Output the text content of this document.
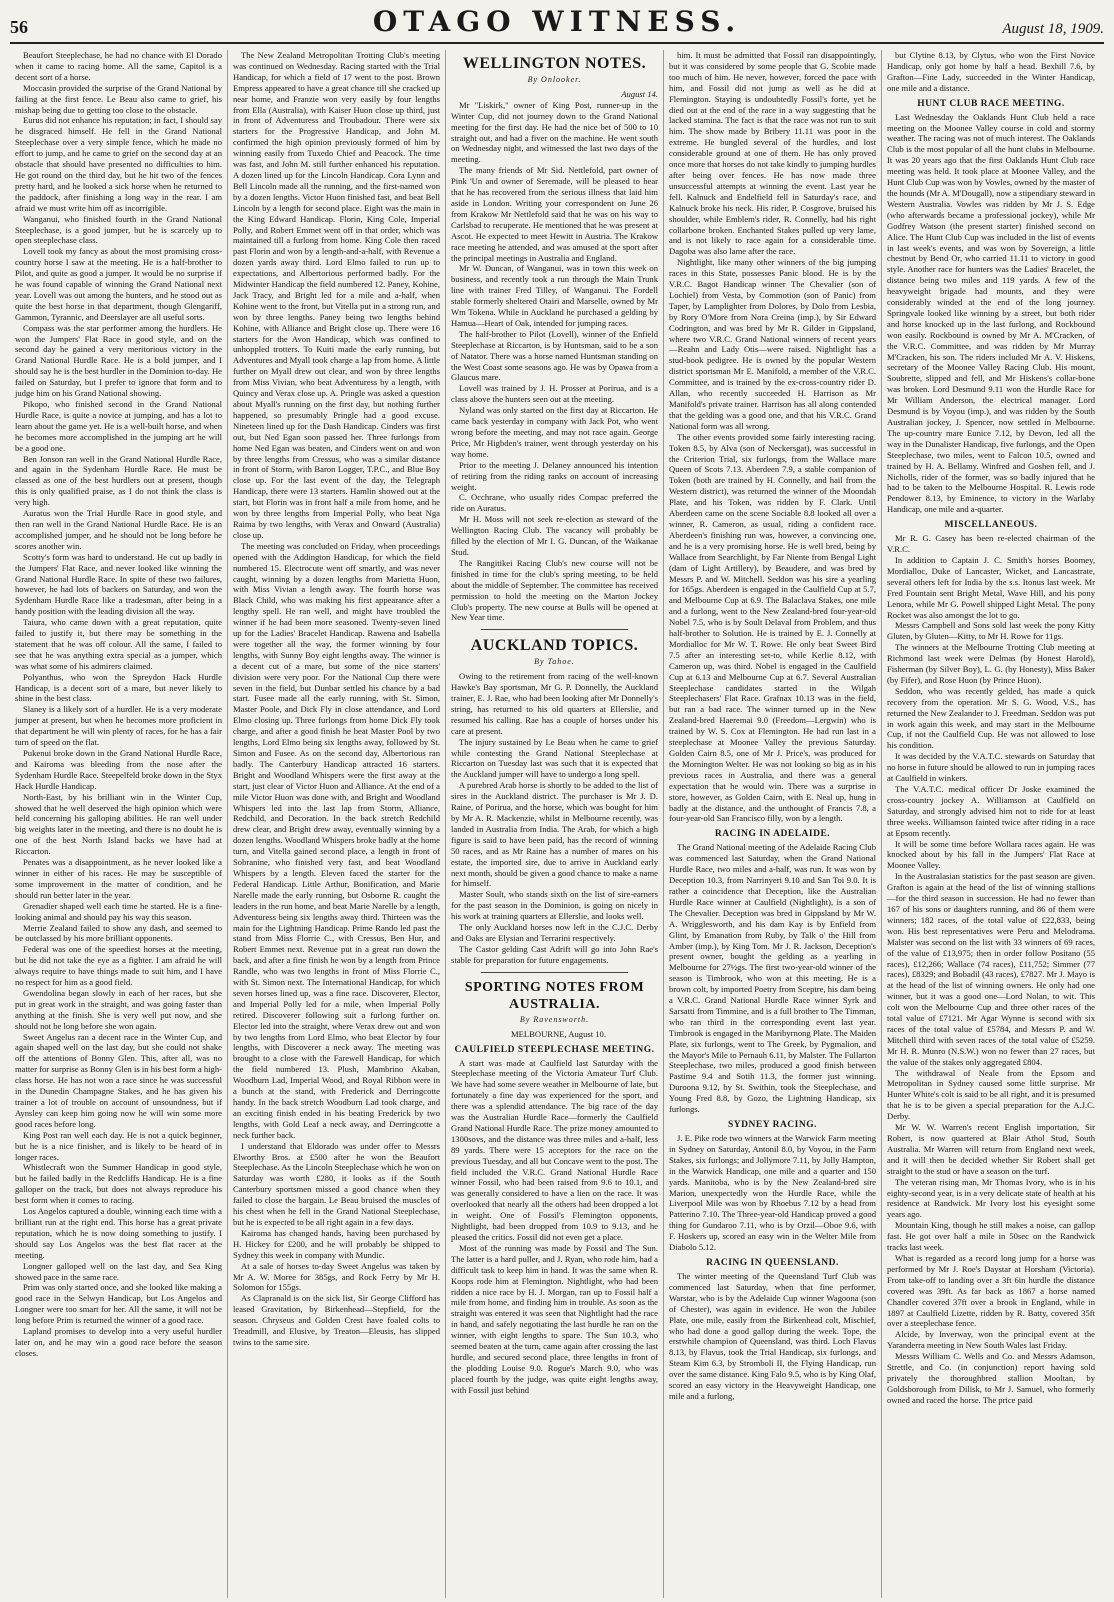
56	OTAGO WITNESS.	August 18, 1909.

Beaufort Steeplechase, he had no chance with El Dorado when it came to racing home. All the same, Capitol is a decent sort of a horse.

Moccasin provided the surprise of the Grand National by failing at the first fence. Le Beau also came to grief, his mishap being due to getting too close to the obstacle.

Eurus did not enhance his reputation; in fact, I should say he disgraced himself. He fell in the Grand National Steeplechase over a very simple fence, which he made no effort to jump, and he came to grief on the second day at an obstacle that should have presented no difficulties to him. He got round on the third day, but he hit two of the fences pretty hard, and he looked a sick horse when he returned to the paddock, after finishing a long way in the rear. I am afraid we must write him off as incorrigible.

Wanganui, who finished fourth in the Grand National Steeplechase, is a good jumper, but he is scarcely up to open steeplechase class.

Lovell took my fancy as about the most promising cross-country horse I saw at the meeting. He is a half-brother to Pilot, and quite as good a jumper. It would be no surprise if he was found capable of winning the Grand National next year. Lovell was out among the hunters, and he stood out as quite the best horse in that department, though Glengariff, Gammon, Tyrannic, and Deerslayer are all useful sorts.

Compass was the star performer among the hurdlers. He won the Jumpers' Flat Race in good style, and on the second day he gained a very meritorious victory in the Grand National Hurdle Race. He is a bold jumper, and I should say he is the best hurdler in the Dominion to-day. He failed on Saturday, but I prefer to ignore that form and to judge him on his Grand National showing.

Pikopo, who finished second in the Grand National Hurdle Race, is quite a novice at jumping, and has a lot to learn about the game yet. He is a well-built horse, and when he becomes more accomplished in the jumping art he will be a good one.

Ben Jonson ran well in the Grand National Hurdle Race, and again in the Sydenham Hurdle Race. He must be classed as one of the best hurdlers out at present, though this is only qualified praise, as I do not think the class is very high.

Auratus won the Trial Hurdle Race in good style, and then ran well in the Grand National Hurdle Race. He is an accomplished jumper, and he should not be long before he scores another win.

Scotty's form was hard to understand. He cut up badly in the Jumpers' Flat Race, and never looked like winning the Grand National Hurdle Race. In spite of these two failures, however, he had lots of backers on Saturday, and won the Sydenham Hurdle Race like a tradesman, after being in a handy position with the leading division all the way.

Taiura, who came down with a great reputation, quite failed to justify it, but there may be something in the statement that he was off colour. All the same, I failed to see that he was anything extra special as a jumper, which was what some of his admirers claimed.

Polyanthus, who won the Spreydon Hack Hurdle Handicap, is a decent sort of a mare, but never likely to shine in the best class.

Slaney is a likely sort of a hurdler. He is a very moderate jumper at present, but when he becomes more proficient in that department he will win plenty of races, for he has a fair turn of speed on the flat.

Pukenui broke down in the Grand National Hurdle Race, and Kairoma was bleeding from the nose after the Sydenham Hurdle Race. Steepelfeld broke down in the Styx Hack Hurdle Handicap.

North-East, by his brilliant win in the Winter Cup, showed that he well deserved the high opinion which were held concerning his galloping abilities. He ran well under big weights later in the meeting, and there is no doubt he is one of the best North Island backs we have had at Riccarton.

Penates was a disappointment, as he never looked like a winner in either of his races. He may be susceptible of some improvement in the matter of condition, and he should run better later in the year.

Grenadier shaped well each time he started. He is a fine-looking animal and should pay his way this season.

Merrie Zealand failed to show any dash, and seemed to be outclassed by his more brilliant opponents.

Federal was one of the speediest horses at the meeting, but he did not take the eye as a fighter. I am afraid he will always require to have things made to suit him, and I have no respect for him as a good field.

Gwendolina began slowly in each of her races, but she put in great work in the straight, and was going faster than anything at the finish. She is very well put now, and she should not be long before she won again.

Sweet Angelus ran a decent race in the Winter Cup, and again shaped well on the last day, but she could not shake off the attentions of Bonny Glen. This, after all, was no matter for surprise as Bonny Glen is in his best form a high-class horse. He has not won a race since he was successful in the Dunedin Champagne Stakes, and he has given his trainer a lot of trouble on account of unsoundness, but if Aynsley can keep him going now he will win some more good races before long.

King Post ran well each day. He is not a quick beginner, but he is a nice finisher, and is likely to be heard of in longer races.

Whistlecraft won the Summer Handicap in good style, but he failed badly in the Redcliffs Handicap. He is a fine galloper on the track, but does not always reproduce his best form when it comes to racing.

Los Angelos captured a double, winning each time with a brilliant run at the right end. This horse has a great private reputation, which he is now doing something to justify. I should say Los Angelos was the best flat racer at the meeting.

Longner galloped well on the last day, and Sea King showed pace in the same race.

Prim was only started once, and she looked like making a good race in the Selwyn Handicap, but Los Angelos and Longner were too smart for her. All the same, it will not be long before Prim is returned the winner of a good race.

Lapland promises to develop into a very useful hurdler later on, and he may win a good race before the season closes.

The New Zealand Metropolitan Trotting Club's meeting was continued on Wednesday. Racing started with the Trial Handicap, for which a field of 17 went to the post. Brown Empress appeared to have a great chance till she cracked up near home, and Franzie won very easily by four lengths from Ella (Australia), with Kaiser Huon close up third, just in front of Adventuress and Troubadour. There were six starters for the Progressive Handicap, and John M. confirmed the high opinion previously formed of him by winning easily from Tuxedo Chief and Peacock. The time was fast, and John M. still further enhanced his reputation. A dozen lined up for the Lincoln Handicap. Cora Lynn and Bell Lincoln made all the running, and the first-named won by a dozen lengths. Victor Huon finished fast, and beat Bell Lincoln by a length for second place. Eight was the main in the King Edward Handicap. Florin, King Cole, Imperial Polly, and Robert Emmet went off in that order, which was maintained till a furlong from home. King Cole then raced past Florin and won by a length-and-a-half, with Revenue a dozen yards away third. Lord Elmo failed to run up to expectations, and Albertorious performed badly. For the Midwinter Handicap the field numbered 12. Paney, Kohine, Jack Tracy, and Bright led for a mile and a-half, when Kohine went to the front, but Vitella put in a strong run, and won by three lengths. Paney being two lengths behind Kohine, with Alliance and Bright close up. There were 16 starters for the Avon Handicap, which was confined to unhoppled trotters. To Kuiti made the early running, but Adventures and Myall took charge a lap from home. A little further on Myall drew out clear, and won by three lengths from Miss Vivian, who beat Adventuress by a length, with Quincy and Verax close up. A. Pringle was asked a question about Myall's running on the first day, but nothing further happened, so presumably Pringle had a good excuse. Nineteen lined up for the Dash Handicap. Cinders was first out, but Ned Egan soon passed her. Three furlongs from home Ned Egan was beaten, and Cinders went on and won by three lengths from Cressus, who was a similar distance in front of Storm, with Baron Logger, T.P.C., and Blue Boy close up. For the last event of the day, the Telegraph Handicap, there were 13 starters. Hamlin showed out at the start, but Florin was in front half a mile from home, and he won by three lengths from Imperial Polly, who beat Nga Raima by two lengths, with Verax and Onward (Australia) close up.

The meeting was concluded on Friday, when proceedings opened with the Addington Handicap, for which the field numbered 15. Electrocute went off smartly, and was never caught, winning by a dozen lengths from Marietta Huon, with Miss Vivian a length away. The fourth horse was Black Child, who was making his first appearance after a lengthy spell. He ran well, and might have troubled the winner if he had been more seasoned. Twenty-seven lined up for the Ladies' Bracelet Handicap. Rawena and Isabella were together all the way, the former winning by four lengths, with Sunny Boy eight lengths away. The winner is a decent cut of a mare, but some of the nice starters' division were very poor. For the National Cup there were seven in the field, but Dunbar settled his chance by a bad start. Fusee made all the early running, with St. Simon, Master Poole, and Dick Fly in close attendance, and Lord Elmo closing up. Three furlongs from home Dick Fly took charge, and after a good finish he beat Master Pool by two lengths, Lord Elmo being six lengths away, followed by St. Simon and Fusee. As on the second day, Albertorious ran badly. The Canterbury Handicap attracted 16 starters. Bright and Woodland Whispers were the first away at the start, just clear of Victor Huon and Alliance. At the end of a mile Victor Huon was done with, and Bright and Woodland Whispers led into the last lap from Storm, Alliance, Redchild, and Decoration. In the back stretch Redchild drew clear, and Bright drew away, eventually winning by a dozen lengths. Woodland Whispers broke badly at the home turn, and Vitella gained second place, a length in front of Sobranine, who finished very fast, and beat Woodland Whispers by a length. Eleven faced the starter for the Federal Handicap. Little Arthur, Bonification, and Marie Narelle made the early running, but Osborne R. caught the leaders in the run home, and beat Marie Narelle by a length, Adventuress being six lengths away third. Thirteen was the main for the Lightning Handicap. Prime Rando led past the stand from Miss Florrie C., with Cressus, Ben Hur, and Robert Emmet next. Revenue put in a great run down the back, and after a fine finish he won by a length from Prince Randle, who was two lengths in front of Miss Florrie C., with St. Simon next. The International Handicap, for which seven horses lined up, was a fine race. Discoverer, Elector, and Imperial Polly led for a mile, when Imperial Polly retired. Discoverer following suit a furlong further on. Elector led into the straight, where Verax drew out and won by two lengths from Lord Elmo, who beat Elector by four lengths, with Discoverer a neck away. The meeting was brought to a close with the Farewell Handicap, for which the field numbered 13. Plush, Mambrino Akaban, Woodburn Lad, Imperial Wood, and Royal Ribbon were in a bunch at the stand, with Frederick and Derringcotte handy. In the back stretch Woodburn Lad took charge, and an exciting finish ended in his beating Frederick by two lengths, with Gold Leaf a neck away, and Derringcotte a neck further back.

I understand that Eldorado was under offer to Messrs Elworthy Bros. at £500 after he won the Beaufort Steeplechase. As the Lincoln Steeplechase which he won on Saturday was worth £280, it looks as if the South Canterbury sportsmen missed a good chance when they failed to close the bargain. Le Beau bruised the muscles of his chest when he fell in the Grand National Steeplechase, but he is expected to be all right again in a few days.

Kairoma has changed hands, having been purchased by H. Hickey for £200, and he will probably be shipped to Sydney this week in company with Mundic.

At a sale of horses to-day Sweet Angelus was taken by Mr A. W. Moree for 385gs, and Rock Ferry by Mr H. Solomon for 155gs.

As Clapranald is on the sick list, Sir George Clifford has leased Gravitation, by Birkenhead—Stepfield, for the season. Chryseus and Golden Crest have foaled colts to Treadmill, and Elusive, by Treaton—Eleusis, has slipped twins to the same sire.

WELLINGTON NOTES.
By Onlooker.

August 14.

Mr "Liskirk," owner of King Post, runner-up in the Winter Cup, did not journey down to the Grand National meeting for the first day. He had the nice bet of 500 to 10 straight out, and had a fiver on the machine. He went south on Wednesday night, and witnessed the last two days of the meeting.

The many friends of Mr Sid. Nettlefold, part owner of Pink 'Un and owner of Seremade, will be pleased to hear that he has recovered from the serious illness that laid him aside in London. Writing your correspondent on June 26 from Krakow Mr Nettlefold said that he was on his way to Carlsbad to recuperate. He mentioned that he was present at Ascot. He expected to meet Hewitt in Austria. The Krakow race meeting he attended, and was amused at the sport after the principal meetings in Australia and England.

Mr W. Duncan, of Wanganui, was in town this week on business, and recently took a run through the Main Trunk line with trainer Fred Tilley, of Wanganui. The Fordell stable formerly sheltered Otairi and Marselle, owned by Mr Wm Tokena. While in Auckland he purchased a gelding by Hamua—Heart of Oak, intended for jumping races.

The half-brother to Pilot (Lovell), winner of the Enfield Steeplechase at Riccarton, is by Huntsman, said to be a son of Natator. There was a horse named Huntsman standing on the West Coast some seasons ago. He was by Opawa from a Glaucus mare.

Lovell was trained by J. H. Prosser at Porirua, and is a class above the hunters seen out at the meeting.

Nyland was only started on the first day at Riccarton. He came back yesterday in company with Jack Pot, who went wrong before the meeting, and may not race again. George Price, Mr Higbden's trainer, went through yesterday on his way home.

Prior to the meeting J. Delaney announced his intention of retiring from the riding ranks on account of increasing weight.

C. Occhrane, who usually rides Compac preferred the ride on Auratus.

Mr H. Moss will not seek re-election as steward of the Wellington Racing Club. The vacancy will probably be filled by the election of Mr I. G. Duncan, of the Waikanae Stud.

The Rangitikei Racing Club's new course will not be finished in time for the club's spring meeting, to be held about the middle of September. The committee has received permission to hold the meeting on the Marton Jockey Club's property. The new course at Bulls will be opened at New Year time.

AUCKLAND TOPICS.
By Tahoe.

Owing to the retirement from racing of the well-known Hawke's Bay sportsman, Mr G. P. Donnelly, the Auckland trainer, E. J. Rae, who had been looking after Mr Donnelly's string, has returned to his old quarters at Ellerslie, and resumed his calling. Rae has a couple of horses under his care at present.

The injury sustained by Le Beau when he came to grief while contesting the Grand National Steeplechase at Riccarton on Tuesday last was such that it is expected that the Auckland jumper will have to undergo a long spell.

A purebred Arab horse is shortly to be added to the list of sires in the Auckland district. The purchaser is Mr J. D. Raine, of Porirua, and the horse, which was bought for him by Mr A. R. Mackenzie, whilst in Melbourne recently, was landed in Australia from India. The Arab, for which a high figure is said to have been paid, has the record of winning 50 races, and as Mr Raine has a number of mares on his estate, the imported sire, due to arrive in Auckland early next month, should be given a good chance to make a name for himself.

Master Soult, who stands sixth on the list of sire-earners for the past season in the Dominion, is going on nicely in his work at training quarters at Ellerslie, and looks well.

The only Auckland horses now left in the C.J.C. Derby and Oaks are Elysian and Terrarini respectively.

The Castor gelding Cast Adrift will go into John Rae's stable for preparation for future engagements.

SPORTING NOTES FROM AUSTRALIA.
By Ravensworth.

MELBOURNE, August 10.

CAULFIELD STEEPLECHASE MEETING.

A start was made at Caulfield last Saturday with the Steeplechase meeting of the Victoria Amateur Turf Club. We have had some severe weather in Melbourne of late, but fortunately a fine day was experienced for the sport, and there was a splendid attendance. The big race of the day was the Australian Hurdle Race—formerly the Caulfield Grand National Hurdle Race. The prize money amounted to 1300sovs, and the distance was three miles and a-half, less 89 yards. There were 15 acceptors for the race on the previous Tuesday, and all but Concave went to the post. The field included the V.R.C. Grand National Hurdle Race winner Fossil, who had been raised from 9.6 to 10.1, and was generally considered to have a lien on the race. It was overlooked that nearly all the others had been dropped a lot in weight. One of Fossil's Flemington opponents, Nightlight, had been dropped from 10.9 to 9.13, and he pleased the critics. Fossil did not even get a place.

Most of the running was made by Fossil and The Sun. The latter is a hard puller, and J. Ryan, who rode him, had a difficult task to keep him in hand. It was the same when R. Koops rode him at Flemington. Nightlight, who had been ridden a nice race by H. J. Morgan, ran up to Fossil half a mile from home, and finding him in trouble. As soon as the straight was entered it was seen that Nightlight had the race in hand, and safely negotiating the last hurdle he ran on the winner, with eight lengths to spare. The Sun 10.3, who seemed beaten at the turn, came again after crossing the last hurdle, and secured second place, three lengths in front of the plodding Louise 9.0. Rogue's March 9.0, who was placed fourth by the judge, was quite eight lengths away, with Fossil just behind

him. It must be admitted that Fossil ran disappointingly, but it was considered by some people that G. Scobie made too much of him. He never, however, forced the pace with him, and Fossil did not jump as well as he did at Flemington. Staying is undoubtedly Fossil's forte, yet he died out at the end of the race in a way suggesting that he lacked stamina. The fact is that the race was not run to suit him. The show made by Bribery 11.11 was poor in the extreme. He bungled several of the hurdles, and lost considerable ground at one of them. He has only proved once more that horses do not take kindly to jumping hurdles after being over fences. He has now made three unsuccessful attempts at winning the event. Last year he fell. Kalnuck and Endelfield fell in Saturday's race, and Kalnuck broke his neck. His rider, P. Cosgrove, bruised his shoulder, while Emblem's rider, R. Connelly, had his right collarbone broken. Enchanted Stakes pulled up very lame, and is not likely to race again for a considerable time. Dagoba was also lame after the race.

Nightlight, like many other winners of the big jumping races in this State, possesses Panic blood. He is by the V.R.C. Bagot Handicap winner The Chevalier (son of Lochiel) from Vesta, by Commotion (son of Panic) from Taper, by Lamplighter from Dolores, by Dolo from Lesbia, by Rory O'More from Nora Creina (imp.), by Sir Edward Codrington, and was bred by Mr R. Gilder in Gippsland, where two V.R.C. Grand National winners of recent years—Reahn and Lady Otis—were raised. Nightlight has a stud-book pedigree. He is owned by the popular Western district sportsman Mr E. Manifold, a member of the V.R.C. Committee, and is trained by the ex-cross-country rider D. Allan, who recently succeeded H. Harrison as Mr Manifold's private trainer. Harrison has all along contended that the gelding was a good one, and that his V.R.C. Grand National form was all wrong.

The other events provided some fairly interesting racing. Token 8.5, by Alva (son of Neckersgat), was successful in the Criterion Trial, six furlongs, from the Wallace mare Queen of Scots 7.13. Aberdeen 7.9, a stable companion of Token (both are trained by H. Connelly, and hail from the Western district), was returned the winner of the Moondah Plate, and his Token, was ridden by F. Clark. Until Aberdeen came on the scene Sociable 8.8 looked all over a winner, R. Cameron, as usual, riding a confident race. Aberdeen's finishing run was, however, a convincing one, and he is a very promising horse. He is well bred, being by Wallace from Searchlight, by Far Niente from Bengal Light (dam of Light Artillery), by Beaudere, and was bred by Messrs P. and W. Mitchell. Seddon was his sire a yearling for 165gs. Aberdeen is engaged in the Caulfield Cup at 5.7, and Melbourne Cup at 6.9. The Balaclava Stakes, one mile and a furlong, went to the New Zealand-bred four-year-old Nobel 7.5, who is by Soult Delaval from Problem, and thus half-brother to Solution. He is trained by E. J. Connelly at Mordialloc for Mr W. T. Rowe. He only beat Sweet Bird 7.5 after an interesting set-to, while Kerlie 8.12, with Cameron up, was third. Nobel is engaged in the Caulfield Cup at 6.13 and Melbourne Cup at 6.7. Several Australian Steeplechase candidates started in the Wilgah Steeplechasers' Flat Race. Grafnax 10.13 was in the field, but ran a bad race. The winner turned up in the New Zealand-bred Haeremai 9.0 (Freedom—Lergwin) who is trained by W. S. Cox at Flemington. He had run last in a steeplechase at Moonee Valley the previous Saturday. Golden Cairn 8.5, one of Mr J. Price's, was produced for the Mornington Welter. He was not looking so big as in his previous races in Australia, and there was a general expectation that he would win. There was a surprise in store, however, as Golden Cairn, with E. Neal up, hung in badly at the distance, and the unthought of Francis 7.8, a four-year-old San Francisco filly, won by a length.

RACING IN ADELAIDE.

The Grand National meeting of the Adelaide Racing Club was commenced last Saturday, when the Grand National Hurdle Race, two miles and a-half, was run. It was won by Deception 10.3, from Narrinyeri 9.10 and San Toi 9.0. It is rather a coincidence that Deception, like the Australian Hurdle Race winner at Caulfield (Nightlight), is a son of The Chevalier. Deception was bred in Gippsland by Mr W. A. Wrigglesworth, and his dam Kay is by Enfield from Glint, by Emanation from Ruby, by Talk o' the Hill from Amber (imp.), by King Tom. Mr J. R. Jackson, Deception's present owner, bought the gelding as a yearling in Melbourne for 27½gs. The first two-year-old winner of the season is Timbrook, who won at this meeting. He is a brown colt, by imported Poetry from Sceptre, his dam being a V.R.C. Grand National Hurdle Race winner Syrk and Sarsatti from Timmine, and is a full brother to The Timman, who ran third in the corresponding event last year. Timbrook is engaged in the Maribyrnong Plate. The Maiden Plate, six furlongs, went to The Greek, by Pygmalion, and the Mayor's Mile to Pernauh 6.11, by Malster. The Fullarton Steeplechase, two miles, produced a good finish between Pastime 9.4 and Sotih 11.3, the former just winning. Duroona 9.12, by St. Swithin, took the Steeplechase, and Young Fred 8.8, by Gozo, the Lightning Handicap, six furlongs.

SYDNEY RACING.

J. E. Pike rode two winners at the Warwick Farm meeting in Sydney on Saturday, Antonil 8.0, by Voyou, in the Farm Stakes, six furlongs; and Jollymore 7.11, by Jolly Hampton, in the Warwick Handicap, one mile and a quarter and 150 yards. Manitoba, who is by the New Zealand-bred sire Marion, unexpectedly won the Hurdle Race, while the Liverpool Mile was won by Rhoebus 7.12 by a head from Patterino 7.10. The Three-year-old Handicap proved a good thing for Gundaroo 7.11, who is by Orzil—Oboe 9.6, with F. Hoskers up, scored an easy win in the Welter Mile from Diabolo 5.12.

RACING IN QUEENSLAND.

The winter meeting of the Queensland Turf Club was commenced last Saturday, when that fine performer, Warstar, who is by the Adelaide Cup winner Wagoona (son of Chester), was again in evidence. He won the Jubilee Plate, one mile, easily from the Birkenhead colt, Mischief, who had done a good gallop during the week. Tope, the erstwhile champion of Queensland, was third. Loch Flavus 8.13, by Flavus, took the Trial Handicap, six furlongs, and Steam Kim 6.3, by Stromboli II, the Flying Handicap, run over the same distance. King Falo 9.5, who is by King Olaf, scored an easy victory in the Heavyweight Handicap, one mile and a furlong,

but Clytine 8.13, by Clytus, who won the First Novice Handicap, only got home by half a head. Bexhill 7.6, by Grafton—Fine Lady, succeeded in the Winter Handicap, one mile and a distance.

HUNT CLUB RACE MEETING.

Last Wednesday the Oaklands Hunt Club held a race meeting on the Moonee Valley course in cold and stormy weather. The racing was not of much interest. The Oaklands Club is the most popular of all the hunt clubs in Melbourne. It was 20 years ago that the first Oaklands Hunt Club race meeting was held. It took place at Moonee Valley, and the Hunt Club Cup was won by Vowles, owned by the master of the hounds (Mr A. M'Dougall), now a stipendiary steward in Western Australia. Vowles was ridden by Mr J. S. Edge (who afterwards became a professional jockey), while Mr Godfrey Watson (the present starter) finished second on Alice. The Hunt Club Cup was included in the list of events in last week's events, and was won by Sovereign, a little chestnut by Bend Or, who carried 11.11 to victory in good style. Another race for hunters was the Ladies' Bracelet, the distance being two miles and 119 yards. A few of the heavyweight brigade had mounts, and they were considerably winded at the end of the long journey. Springvale looked like winning by a street, but both rider and horse knocked up in the last furlong, and Rockbound won easily. Rockbound is owned by Mr A. M'Cracken, of the V.R.C. Committee, and was ridden by Mr Murray M'Cracken, his son. The riders included Mr A. V. Hiskens, secretary of the Moonee Valley Racing Club. His mount, Soubrette, slipped and fell, and Mr Hiskens's collar-bone was broken. Lord Desmund 9.11 won the Hurdle Race for Mr William Anderson, the electrical manager. Lord Desmund is by Voyou (imp.), and was ridden by the South Australian jockey, J. Spencer, now settled in Melbourne. The up-country mare Eunice 7.12, by Devon, led all the way in the Dunalister Handicap, five furlongs, and the Open Steeplechase, two miles, went to Falcon 10.5, owned and trained by H. A. Bellamy. Winfred and Goshen fell, and J. Nicholls, rider of the former, was so badly injured that he had to be taken to the Melbourne Hospital. R. Lewis rode Pendower 8.13, by Eminence, to victory in the Warlaby Handicap, one mile and a-quarter.

MISCELLANEOUS.

Mr R. G. Casey has been re-elected chairman of the V.R.C.

In addition to Captain J. C. Smith's horses Boomey, Mordialloc, Duke of Lancaster, Wicket, and Lancastrate, several others left for India by the s.s. Itonus last week. Mr Fred Fountain sent Bright Metal, Wave Hill, and his pony Lenora, while Mr G. Powell shipped Light Metal. The pony Rocket was also amongst the lot to go.

Messrs Campbell and Sons sold last week the pony Kitty Gluten, by Gluten—Kitty, to Mr H. Rowe for 11gs.

The winners at the Melbourne Trotting Club meeting at Richmond last week were Delmas (by Honest Harold), Fisherman (by Silver Boy), L. G. (by Honesty), Miss Baker (by Fifer), and Rose Huon (by Prince Huon).

Seddon, who was recently gelded, has made a quick recovery from the operation. Mr S. G. Wood, V.S., has returned the New Zealander to J. Freedman. Seddon was put in work again this week, and may start in the Melbourne Cup, if not the Caulfield Cup. He was not allowed to lose his condition.

It was decided by the V.A.T.C. stewards on Saturday that no horse in future should be allowed to run in jumping races at Caulfield in winkers.

The V.A.T.C. medical officer Dr Joske examined the cross-country jockey A. Williamson at Caulfield on Saturday, and strongly advised him not to ride for at least three weeks. Williamson fainted twice after riding in a race at Epsom recently.

It will be some time before Wollara races again. He was knocked about by his fall in the Jumpers' Flat Race at Moonee Valley.

In the Australasian statistics for the past season are given. Grafton is again at the head of the list of winning stallions—for the third season in succession. He had no fewer than 167 of his sons or daughters running, and 86 of them were winners; 182 races, of the total value of £22,833, being won. His best representatives were Peru and Melodrama. Malster was second on the list with 33 winners of 69 races, of the value of £13,975; then in order follow Positano (55 races), £12,266; Wallace (74 races), £11,752; Simmer (77 races), £8329; and Bobadil (43 races), £7827. Mr J. Mayo is at the head of the list of winning owners. He only had one winner, but it was a good one—Lord Nolan, to wit. This colt won the Melbourne Cup and three other races of the total value of £7121. Mr Agar Wynne is second with six races of the total value of £5784, and Messrs P. and W. Mitchell third with seven races of the total value of £5259. Mr H. R. Munro (N.S.W.) won no fewer than 27 races, but the value of the stakes only aggregated £804.

The withdrawal of Neale from the Epsom and Metropolitan in Sydney caused some little surprise. Mr Hunter White's colt is said to be all right, and it is presumed that he is to be given a special preparation for the A.J.C. Derby.

Mr W. W. Warren's recent English importation, Sir Robert, is now quartered at Blair Athol Stud, South Australia. Mr Warren will return from England next week, and it will then be decided whether Sir Robert shall get straight to the stud or have a season on the turf.

The veteran rising man, Mr Thomas Ivory, who is in his eighty-second year, is in a very delicate state of health at his residence at Randwick. Mr Ivory lost his eyesight some years ago.

Mountain King, though he still makes a noise, can gallop fast. He got over half a mile in 50sec on the Randwick tracks last week.

What is regarded as a record long jump for a horse was performed by Mr J. Roe's Daystar at Horsham (Victoria). From take-off to landing over a 3ft 6in hurdle the distance covered was 39ft. As far back as 1867 a horse named Chandler covered 37ft over a brook in England, while in 1897 at Caulfield Lizette, ridden by R. Batty, covered 35ft over a steeplechase fence.

Alcide, by Inverway, won the principal event at the Yaranderra meeting in New South Wales last Friday.

Messrs William C. Wells and Co. and Messrs Adamson, Strettle, and Co. (in conjunction) report having sold privately the thoroughbred stallion Mooltan, by Goldsborough from Dilisk, to Mr J. Samuel, who formerly owned and raced the horse. The price paid
